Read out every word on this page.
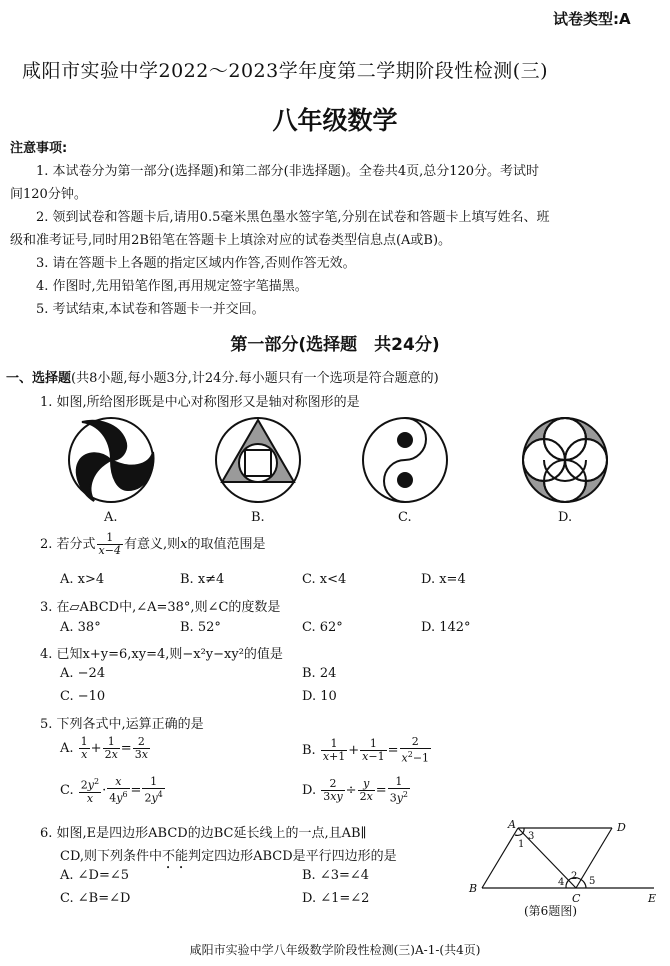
试卷类型:A
咸阳市实验中学2022～2023学年度第二学期阶段性检测(三)
八年级数学
注意事项:
1. 本试卷分为第一部分(选择题)和第二部分(非选择题)。全卷共4页,总分120分。考试时
间120分钟。
2. 领到试卷和答题卡后,请用0.5毫米黑色墨水签字笔,分别在试卷和答题卡上填写姓名、班
级和准考证号,同时用2B铅笔在答题卡上填涂对应的试卷类型信息点(A或B)。
3. 请在答题卡上各题的指定区域内作答,否则作答无效。
4. 作图时,先用铅笔作图,再用规定签字笔描黑。
5. 考试结束,本试卷和答题卡一并交回。
第一部分(选择题　共24分)
一、选择题(共8小题,每小题3分,计24分.每小题只有一个选项是符合题意的)
1. 如图,所给图形既是中心对称图形又是轴对称图形的是
A.	B.	C.	D.
2. 若分式 $\frac{1}{x-4}$ 有意义,则x的取值范围是
A. x>4	B. x≠4	C. x<4	D. x=4
3. 在▱ABCD中,∠A=38°,则∠C的度数是
A. 38°	B. 52°	C. 62°	D. 142°
4. 已知x+y=6,xy=4,则−x²y−xy²的值是
A. −24	B. 24
C. −10	D. 10
5. 下列各式中,运算正确的是
A. $\frac{1}{x} + \frac{1}{2x} = \frac{2}{3x}$	B. $\frac{1}{x+1} + \frac{1}{x-1} = \frac{2}{x^2-1}$
C. $\frac{2y^2}{x} \cdot \frac{x}{4y^6} = \frac{1}{2y^4}$	D. $\frac{2}{3xy} \div \frac{y}{2x} = \frac{1}{3y^2}$
6. 如图,E是四边形ABCD的边BC延长线上的一点,且AB∥
CD,则下列条件中不能判定四边形ABCD是平行四边形的是
A. ∠D=∠5	B. ∠3=∠4
C. ∠B=∠D	D. ∠1=∠2
A
B
C
D
E
1
2
3
4 5
(第6题图)
咸阳市实验中学八年级数学阶段性检测(三)A-1-(共4页)
